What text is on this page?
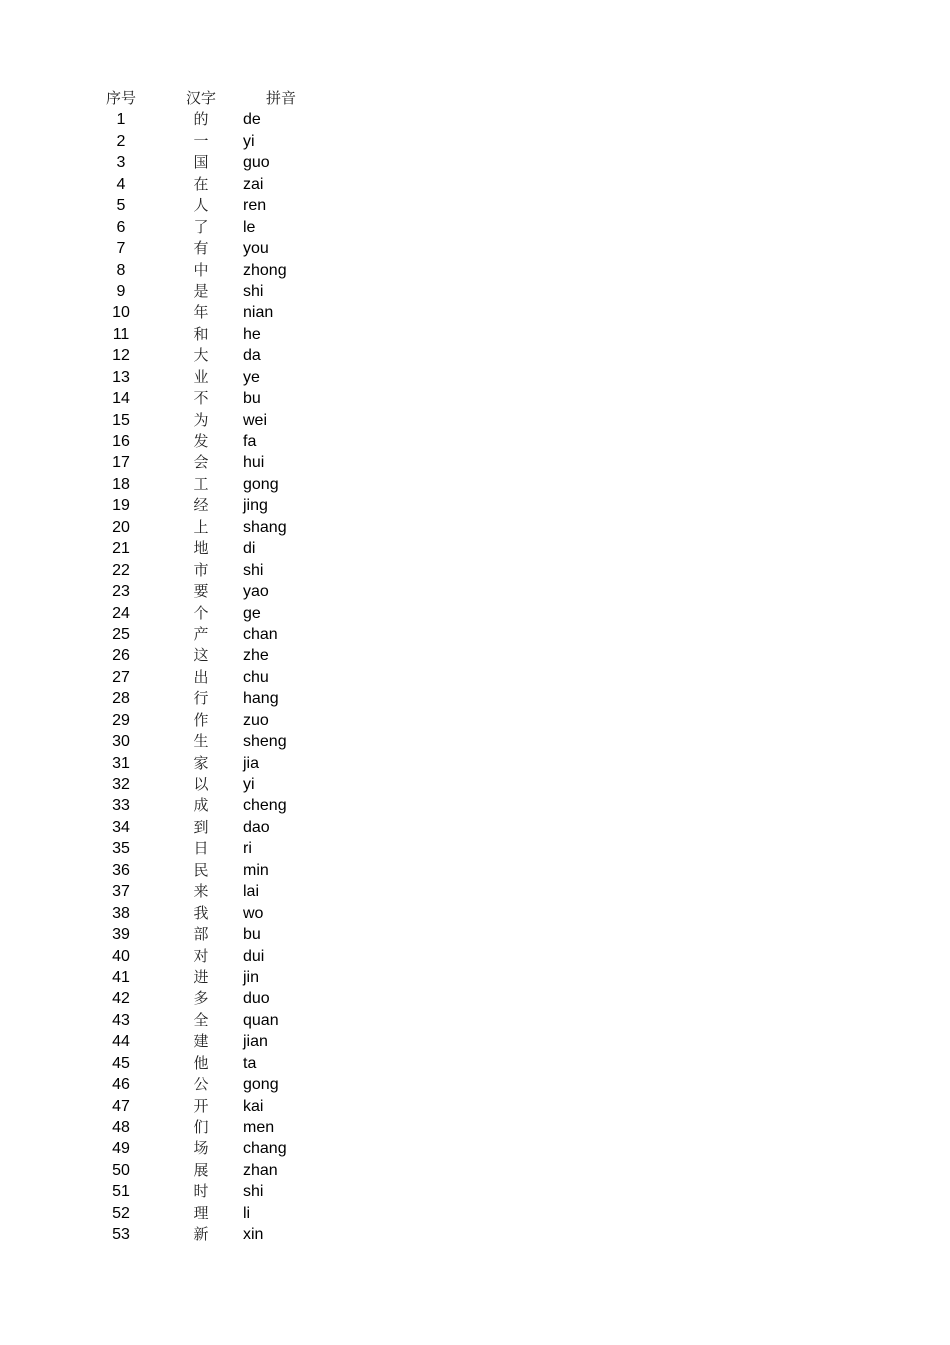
序号	汉字	拼音
1	的	de
2	一	yi
3	国	guo
4	在	zai
5	人	ren
6	了	le
7	有	you
8	中	zhong
9	是	shi
10	年	nian
11	和	he
12	大	da
13	业	ye
14	不	bu
15	为	wei
16	发	fa
17	会	hui
18	工	gong
19	经	jing
20	上	shang
21	地	di
22	市	shi
23	要	yao
24	个	ge
25	产	chan
26	这	zhe
27	出	chu
28	行	hang
29	作	zuo
30	生	sheng
31	家	jia
32	以	yi
33	成	cheng
34	到	dao
35	日	ri
36	民	min
37	来	lai
38	我	wo
39	部	bu
40	对	dui
41	进	jin
42	多	duo
43	全	quan
44	建	jian
45	他	ta
46	公	gong
47	开	kai
48	们	men
49	场	chang
50	展	zhan
51	时	shi
52	理	li
53	新	xin
